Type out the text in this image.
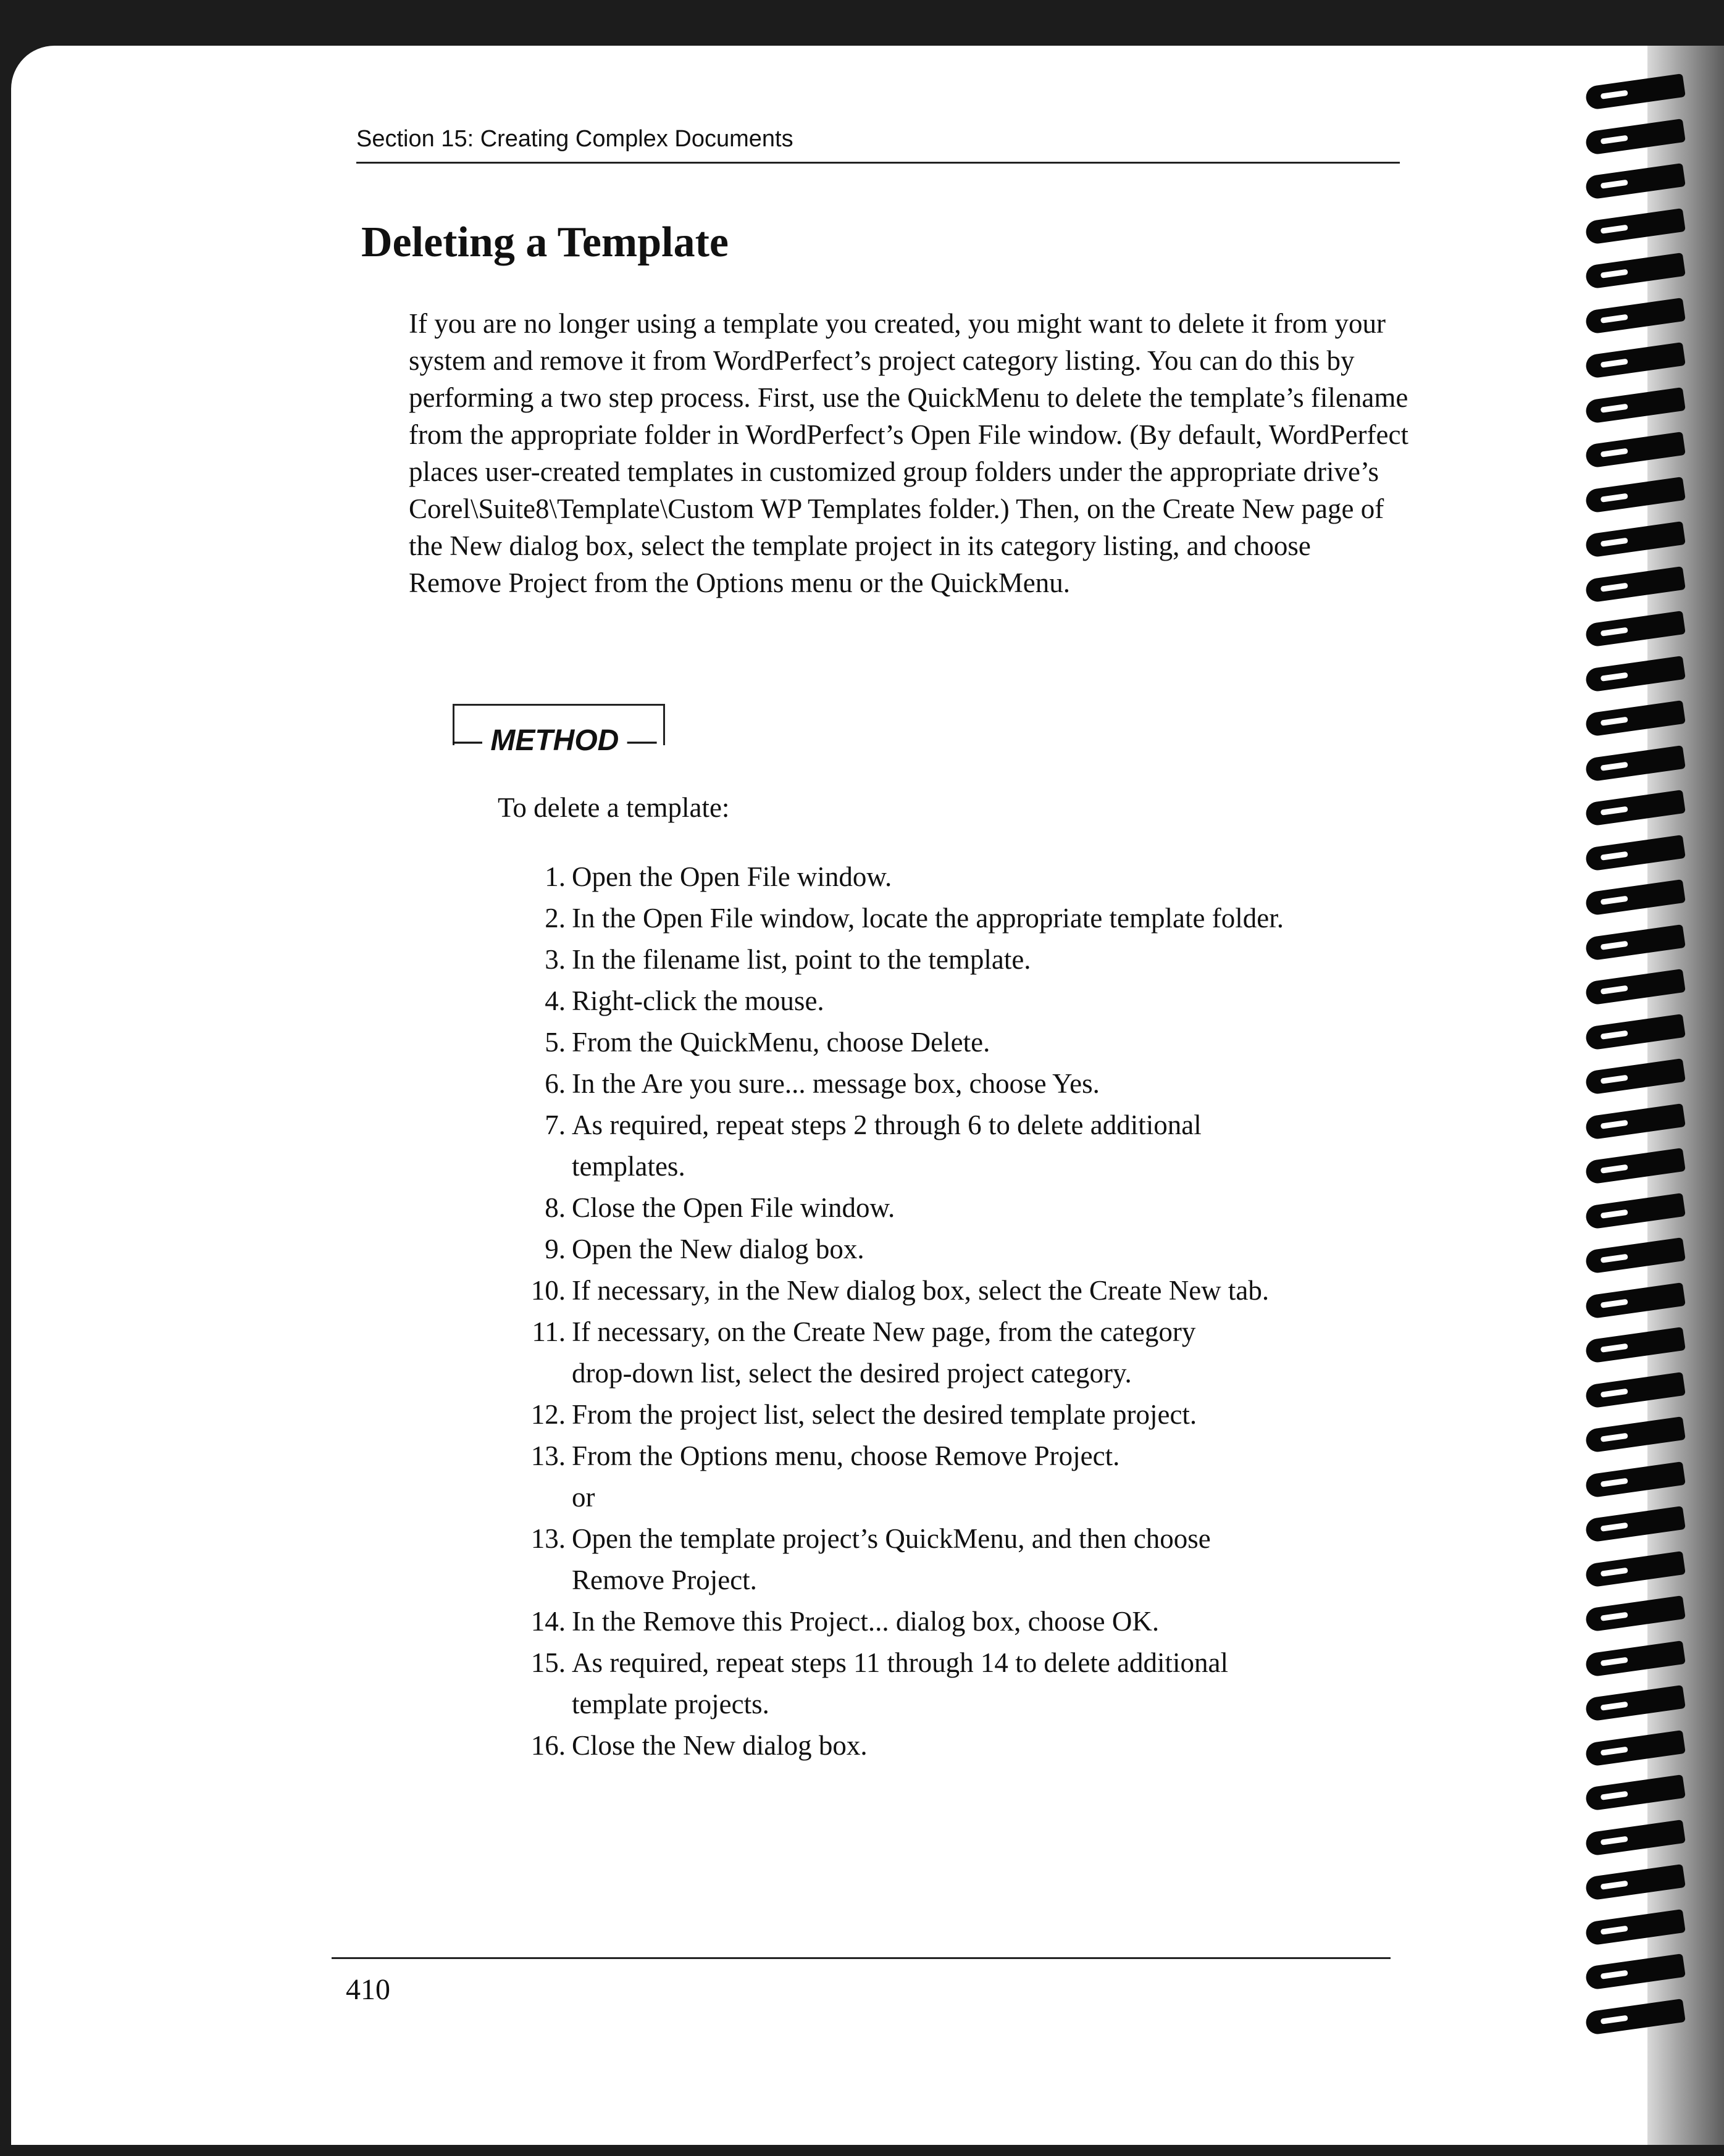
Section 15: Creating Complex Documents
Deleting a Template

If you are no longer using a template you created, you might want to delete it from your system and remove it from WordPerfect’s project category listing. You can do this by performing a two step process. First, use the QuickMenu to delete the template’s filename from the appropriate folder in WordPerfect’s Open File window. (By default, WordPerfect places user-created templates in customized group folders under the appropriate drive’s Corel\Suite8\Template\Custom WP Templates folder.) Then, on the Create New page of the New dialog box, select the template project in its category listing, and choose Remove Project from the Options menu or the QuickMenu.

— METHOD —

To delete a template:

1. Open the Open File window.
2. In the Open File window, locate the appropriate template folder.
3. In the filename list, point to the template.
4. Right-click the mouse.
5. From the QuickMenu, choose Delete.
6. In the Are you sure... message box, choose Yes.
7. As required, repeat steps 2 through 6 to delete additional
templates.
8. Close the Open File window.
9. Open the New dialog box.
10. If necessary, in the New dialog box, select the Create New tab.
11. If necessary, on the Create New page, from the category
drop-down list, select the desired project category.
12. From the project list, select the desired template project.
13. From the Options menu, choose Remove Project.
or
13. Open the template project’s QuickMenu, and then choose
Remove Project.
14. In the Remove this Project... dialog box, choose OK.
15. As required, repeat steps 11 through 14 to delete additional
template projects.
16. Close the New dialog box.

410
